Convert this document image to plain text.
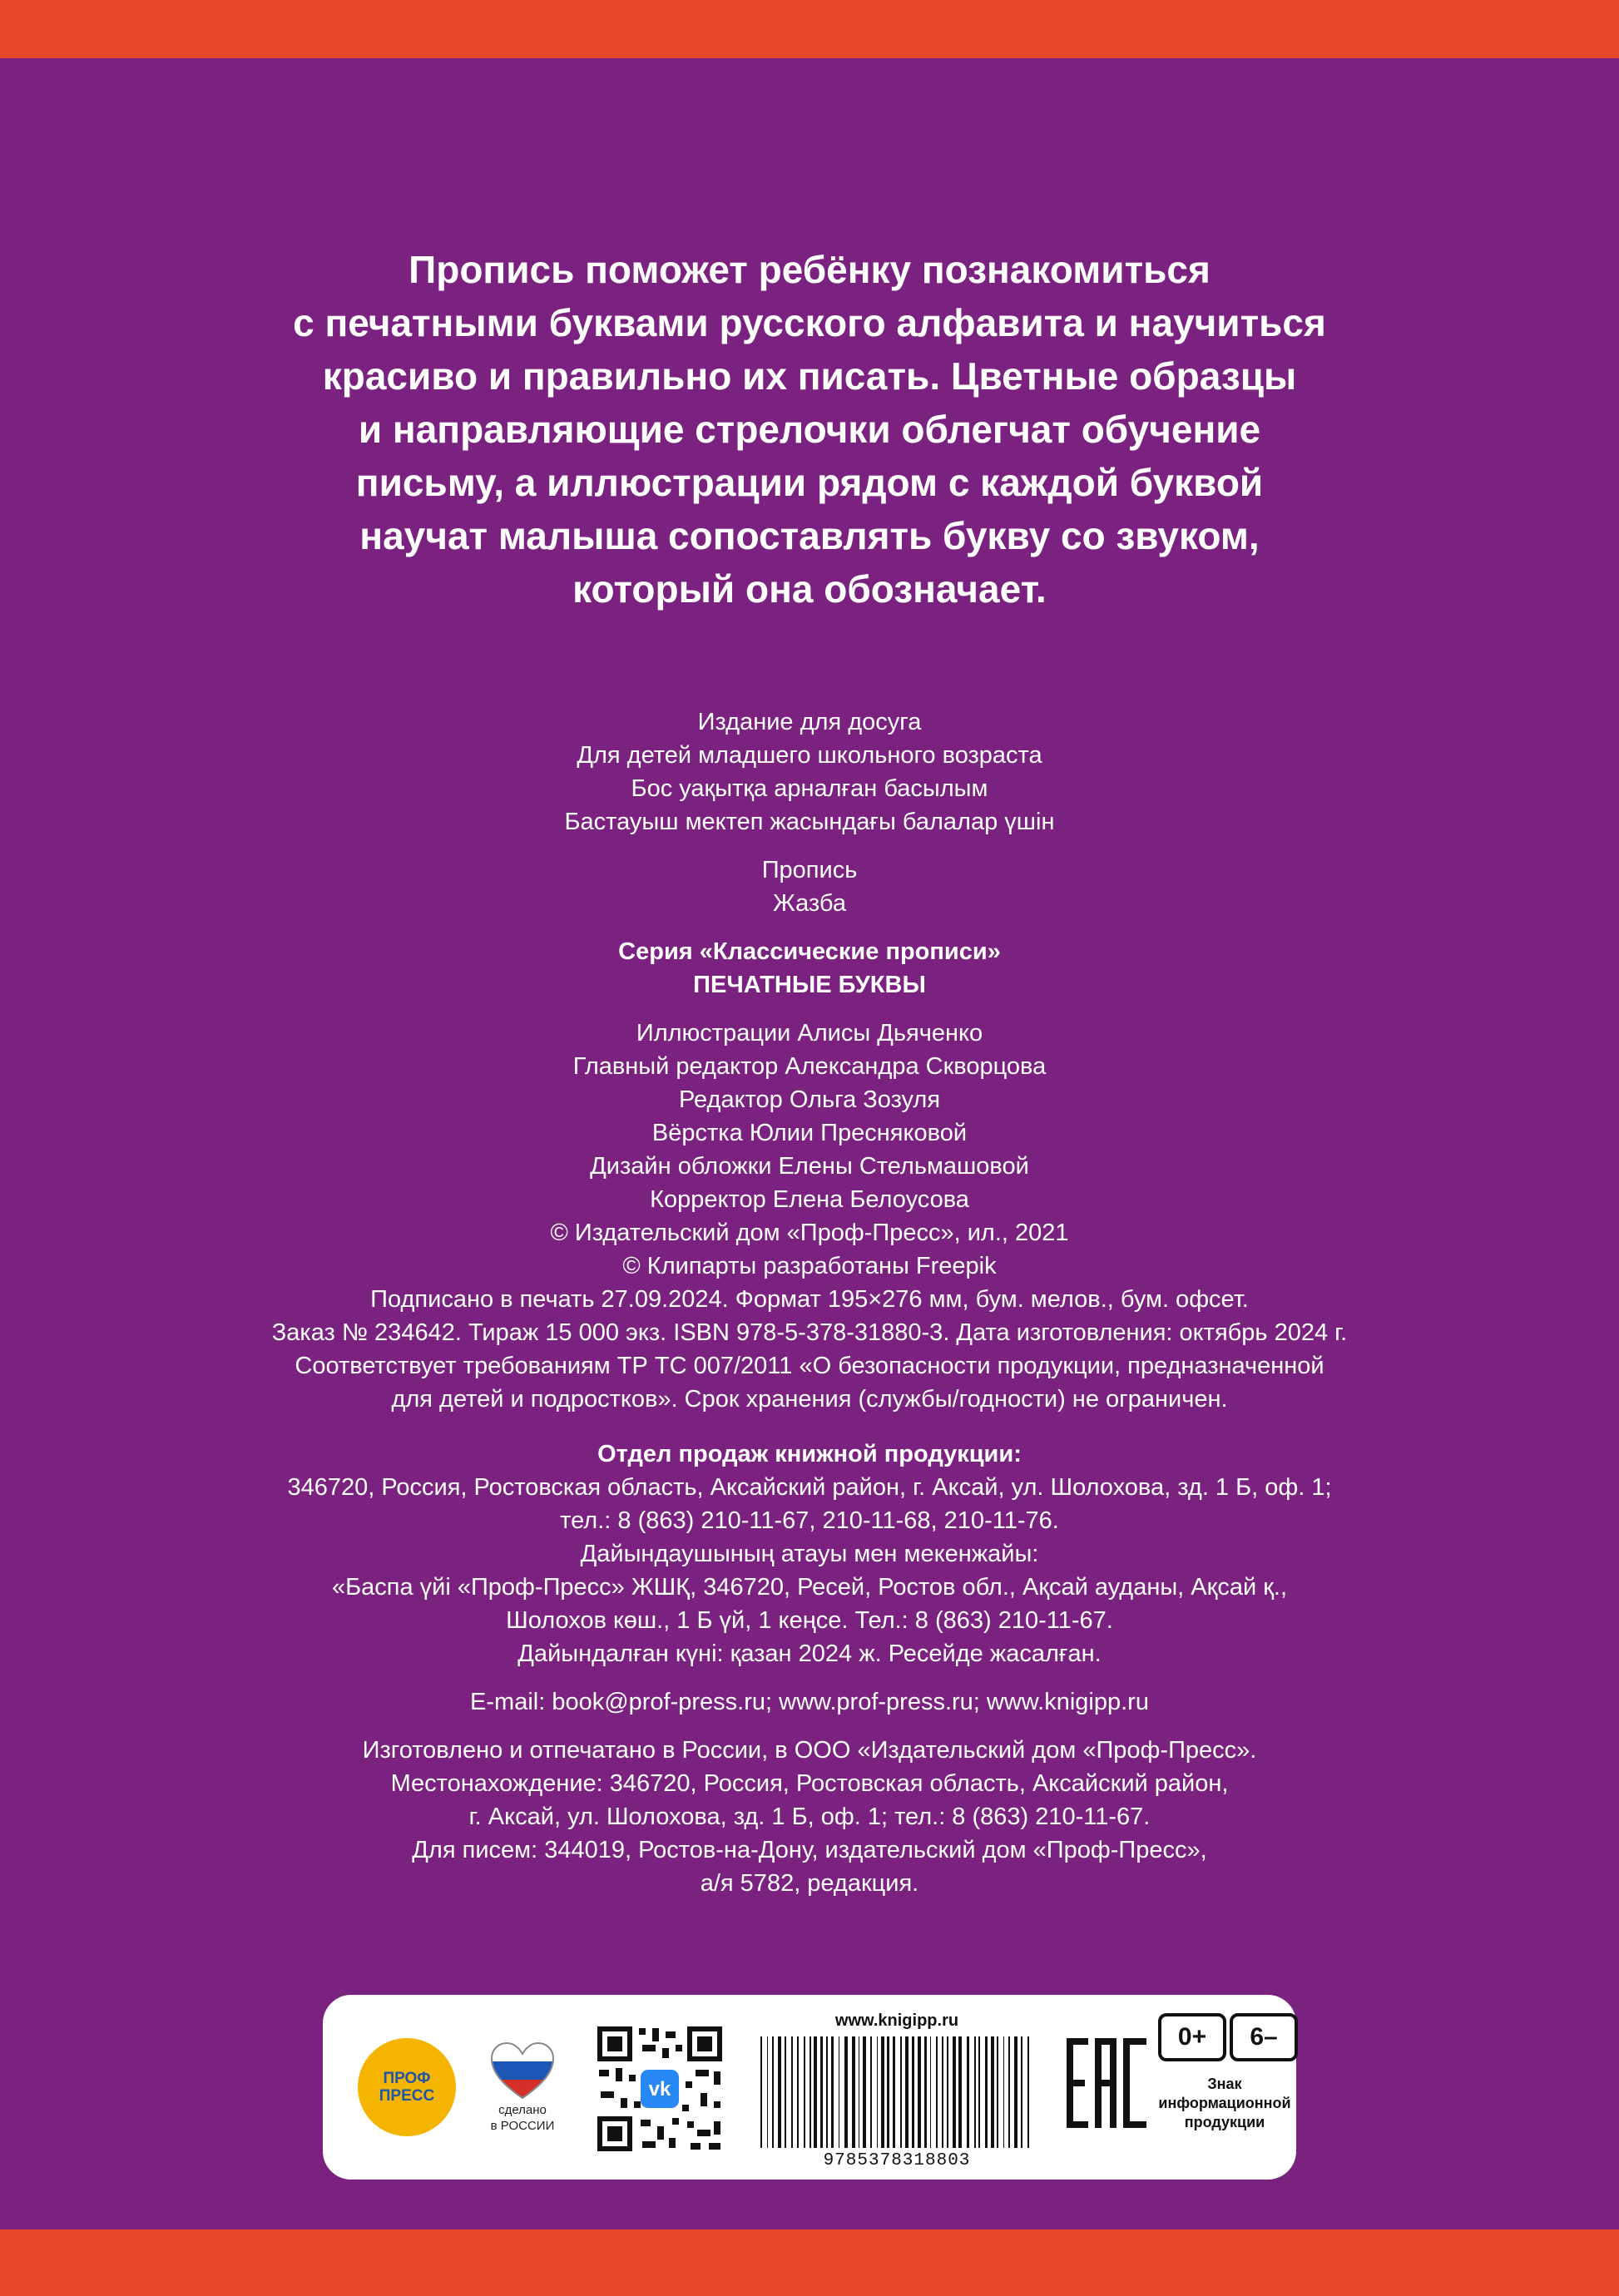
Пропись поможет ребёнку познакомиться
с печатными буквами русского алфавита и научиться
красиво и правильно их писать. Цветные образцы
и направляющие стрелочки облегчат обучение
письму, а иллюстрации рядом с каждой буквой
научат малыша сопоставлять букву со звуком,
который она обозначает.
Издание для досуга
Для детей младшего школьного возраста
Бос уақытқа арналған басылым
Бастауыш мектеп жасындағы балалар үшін
Пропись
Жазба
Серия «Классические прописи»
ПЕЧАТНЫЕ БУКВЫ
Иллюстрации Алисы Дьяченко
Главный редактор Александра Скворцова
Редактор Ольга Зозуля
Вёрстка Юлии Пресняковой
Дизайн обложки Елены Стельмашовой
Корректор Елена Белоусова
© Издательский дом «Проф-Пресс», ил., 2021
© Клипарты разработаны Freepik
Подписано в печать 27.09.2024. Формат 195×276 мм, бум. мелов., бум. офсет.
Заказ № 234642. Тираж 15 000 экз. ISBN 978-5-378-31880-3. Дата изготовления: октябрь 2024 г.
Соответствует требованиям ТР ТС 007/2011 «О безопасности продукции, предназначенной
для детей и подростков». Срок хранения (службы/годности) не ограничен.
Отдел продаж книжной продукции:
346720, Россия, Ростовская область, Аксайский район, г. Аксай, ул. Шолохова, зд. 1 Б, оф. 1;
тел.: 8 (863) 210-11-67, 210-11-68, 210-11-76.
Дайындаушының атауы мен мекенжайы:
«Баспа үйі «Проф-Пресс» ЖШҚ, 346720, Ресей, Ростов обл., Ақсай ауданы, Ақсай қ.,
Шолохов көш., 1 Б үй, 1 кеңсе. Тел.: 8 (863) 210-11-67.
Дайындалған күні: қазан 2024 ж. Ресейде жасалған.
E-mail: book@prof-press.ru; www.prof-press.ru; www.knigipp.ru
Изготовлено и отпечатано в России, в ООО «Издательский дом «Проф-Пресс».
Местонахождение: 346720, Россия, Ростовская область, Аксайский район,
г. Аксай, ул. Шолохова, зд. 1 Б, оф. 1; тел.: 8 (863) 210-11-67.
Для писем: 344019, Ростов-на-Дону, издательский дом «Проф-Пресс»,
а/я 5782, редакция.
ПРОФ ПРЕСС
сделано
в РОССИИ
vk
www.knigipp.ru
9785378318803
0+	6–
Знак
информационной
продукции
